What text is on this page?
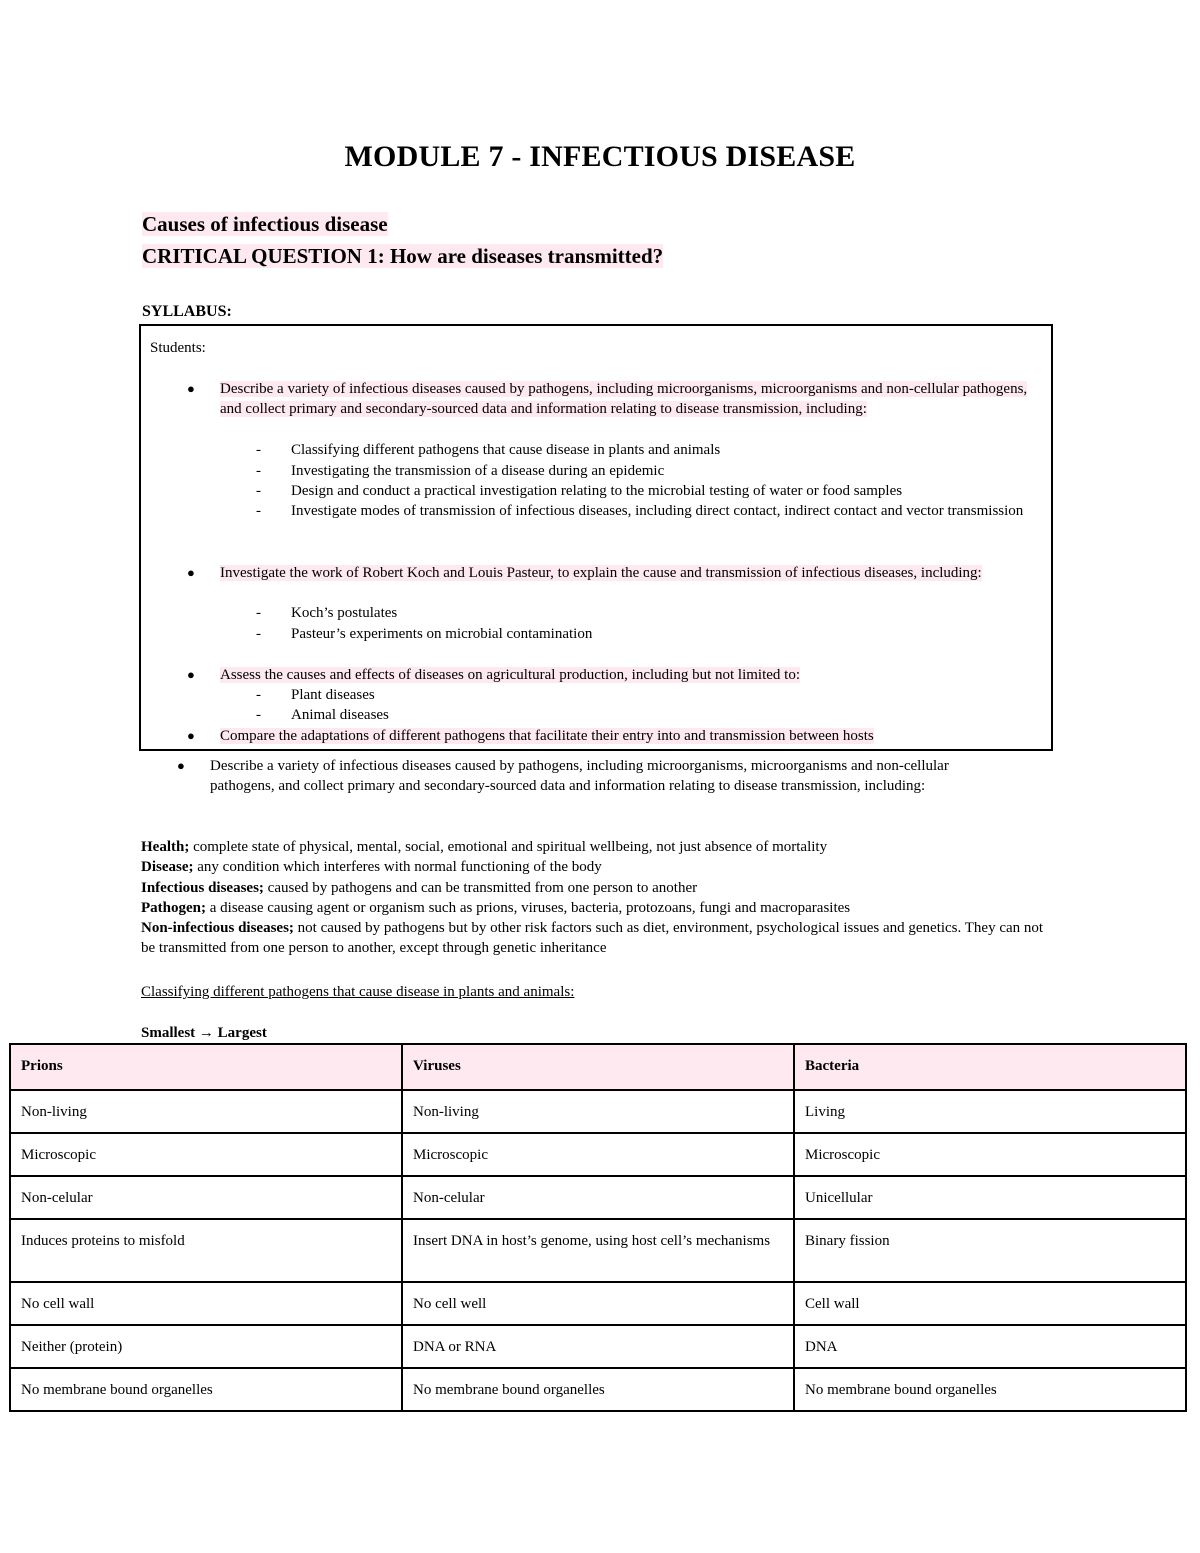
MODULE 7 - INFECTIOUS DISEASE
Causes of infectious disease
CRITICAL QUESTION 1: How are diseases transmitted?
SYLLABUS:
Students:
● Describe a variety of infectious diseases caused by pathogens, including microorganisms, microorganisms and non-cellular pathogens, and collect primary and secondary-sourced data and information relating to disease transmission, including:
- Classifying different pathogens that cause disease in plants and animals
- Investigating the transmission of a disease during an epidemic
- Design and conduct a practical investigation relating to the microbial testing of water or food samples
- Investigate modes of transmission of infectious diseases, including direct contact, indirect contact and vector transmission
● Investigate the work of Robert Koch and Louis Pasteur, to explain the cause and transmission of infectious diseases, including:
- Koch’s postulates
- Pasteur’s experiments on microbial contamination
● Assess the causes and effects of diseases on agricultural production, including but not limited to:
- Plant diseases
- Animal diseases
● Compare the adaptations of different pathogens that facilitate their entry into and transmission between hosts
● Describe a variety of infectious diseases caused by pathogens, including microorganisms, microorganisms and non-cellular pathogens, and collect primary and secondary-sourced data and information relating to disease transmission, including:
Health; complete state of physical, mental, social, emotional and spiritual wellbeing, not just absence of mortality
Disease; any condition which interferes with normal functioning of the body
Infectious diseases; caused by pathogens and can be transmitted from one person to another
Pathogen; a disease causing agent or organism such as prions, viruses, bacteria, protozoans, fungi and macroparasites
Non-infectious diseases; not caused by pathogens but by other risk factors such as diet, environment, psychological issues and genetics. They can not be transmitted from one person to another, except through genetic inheritance
Classifying different pathogens that cause disease in plants and animals:
Smallest → Largest
Prions	Viruses	Bacteria
Non-living	Non-living	Living
Microscopic	Microscopic	Microscopic
Non-celular	Non-celular	Unicellular
Induces proteins to misfold	Insert DNA in host’s genome, using host cell’s mechanisms	Binary fission
No cell wall	No cell well	Cell wall
Neither (protein)	DNA or RNA	DNA
No membrane bound organelles	No membrane bound organelles	No membrane bound organelles
